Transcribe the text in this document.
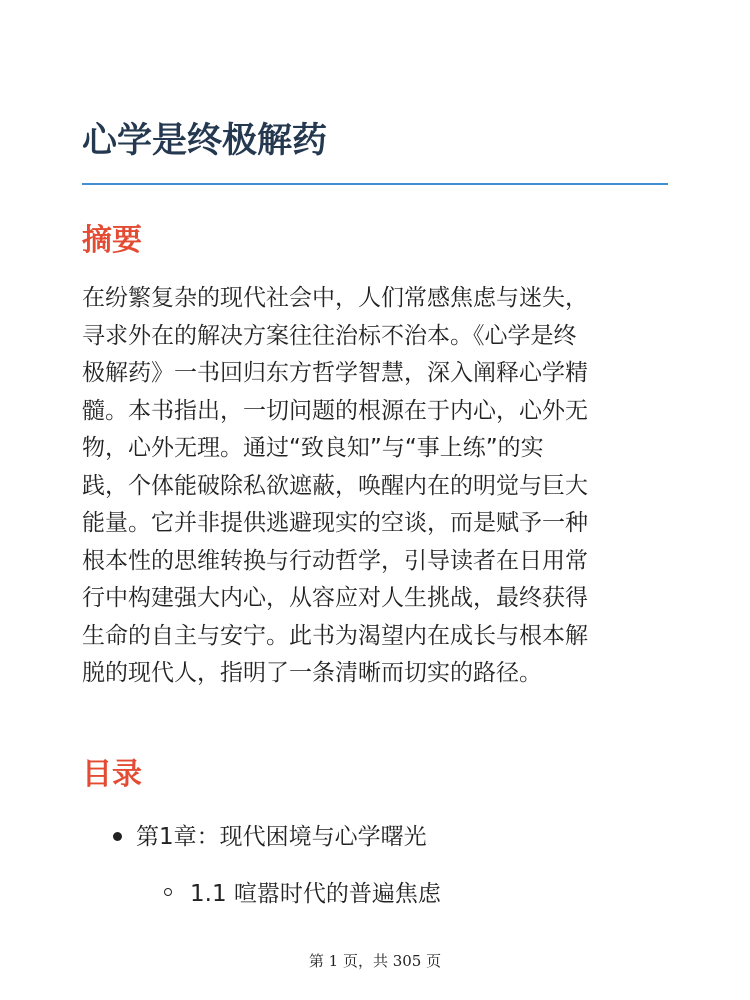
心学是终极解药
摘要

在纷繁复杂的现代社会中，人们常感焦虑与迷失，
寻求外在的解决方案往往治标不治本。《心学是终
极解药》一书回归东方哲学智慧，深入阐释心学精
髓。本书指出，一切问题的根源在于内心，心外无
物，心外无理。通过“致良知”与“事上练”的实
践，个体能破除私欲遮蔽，唤醒内在的明觉与巨大
能量。它并非提供逃避现实的空谈，而是赋予一种
根本性的思维转换与行动哲学，引导读者在日用常
行中构建强大内心，从容应对人生挑战，最终获得
生命的自主与安宁。此书为渴望内在成长与根本解
脱的现代人，指明了一条清晰而切实的路径。

目录

第1章：现代困境与心学曙光

1.1 喧嚣时代的普遍焦虑

第 1 页，共 305 页
